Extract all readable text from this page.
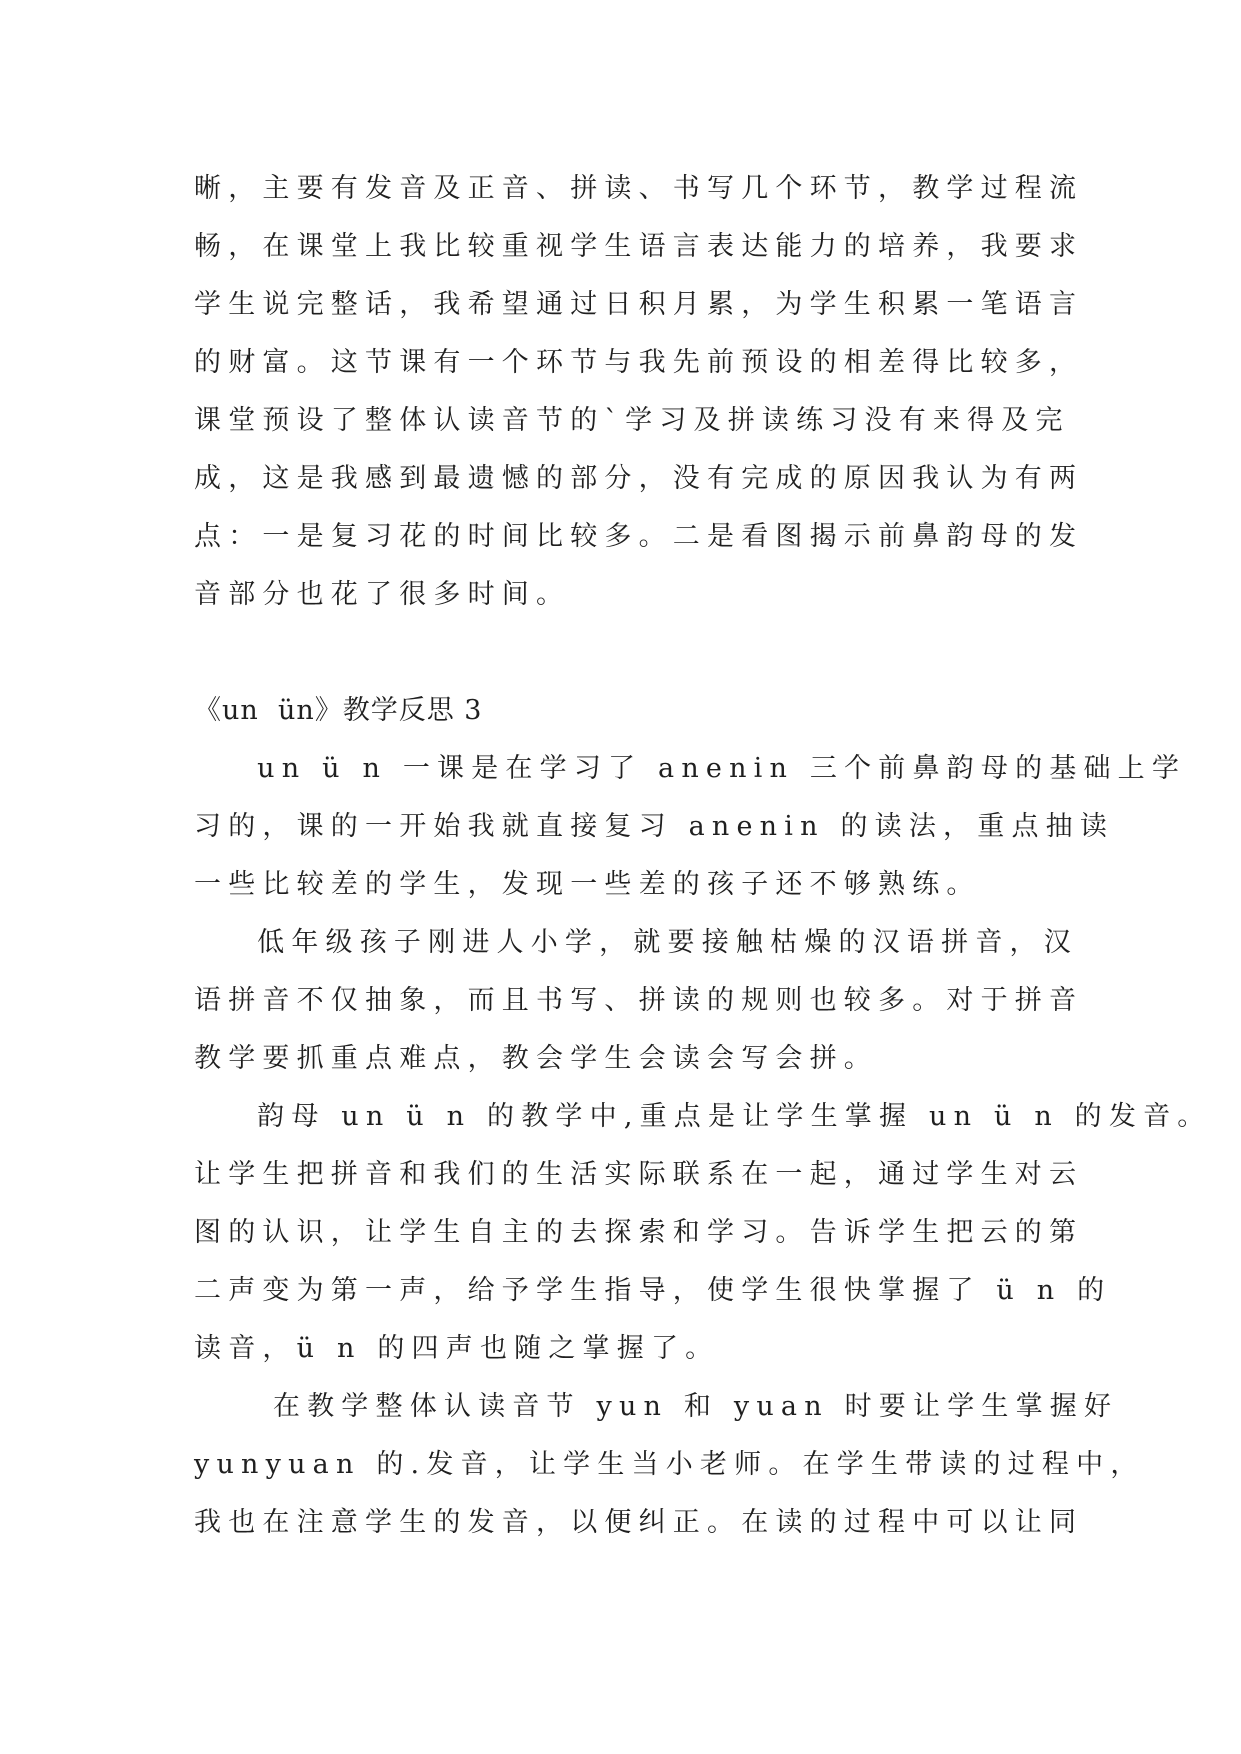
晰，主要有发音及正音、拼读、书写几个环节，教学过程流
畅，在课堂上我比较重视学生语言表达能力的培养，我要求
学生说完整话，我希望通过日积月累，为学生积累一笔语言
的财富。这节课有一个环节与我先前预设的相差得比较多，
课堂预设了整体认读音节的`学习及拼读练习没有来得及完
成，这是我感到最遗憾的部分，没有完成的原因我认为有两
点：一是复习花的时间比较多。二是看图揭示前鼻韵母的发
音部分也花了很多时间。
《un  ün》教学反思 3
un ü n 一课是在学习了 anenin 三个前鼻韵母的基础上学
习的，课的一开始我就直接复习 anenin 的读法，重点抽读
一些比较差的学生，发现一些差的孩子还不够熟练。
低年级孩子刚进人小学，就要接触枯燥的汉语拼音，汉
语拼音不仅抽象，而且书写、拼读的规则也较多。对于拼音
教学要抓重点难点，教会学生会读会写会拼。
韵母 un ü n 的教学中,重点是让学生掌握 un ü n 的发音。
让学生把拼音和我们的生活实际联系在一起，通过学生对云
图的认识，让学生自主的去探索和学习。告诉学生把云的第
二声变为第一声，给予学生指导，使学生很快掌握了 ü n 的
读音，ü n 的四声也随之掌握了。
在教学整体认读音节 yun 和 yuan 时要让学生掌握好
yunyuan 的.发音，让学生当小老师。在学生带读的过程中，
我也在注意学生的发音，以便纠正。在读的过程中可以让同
